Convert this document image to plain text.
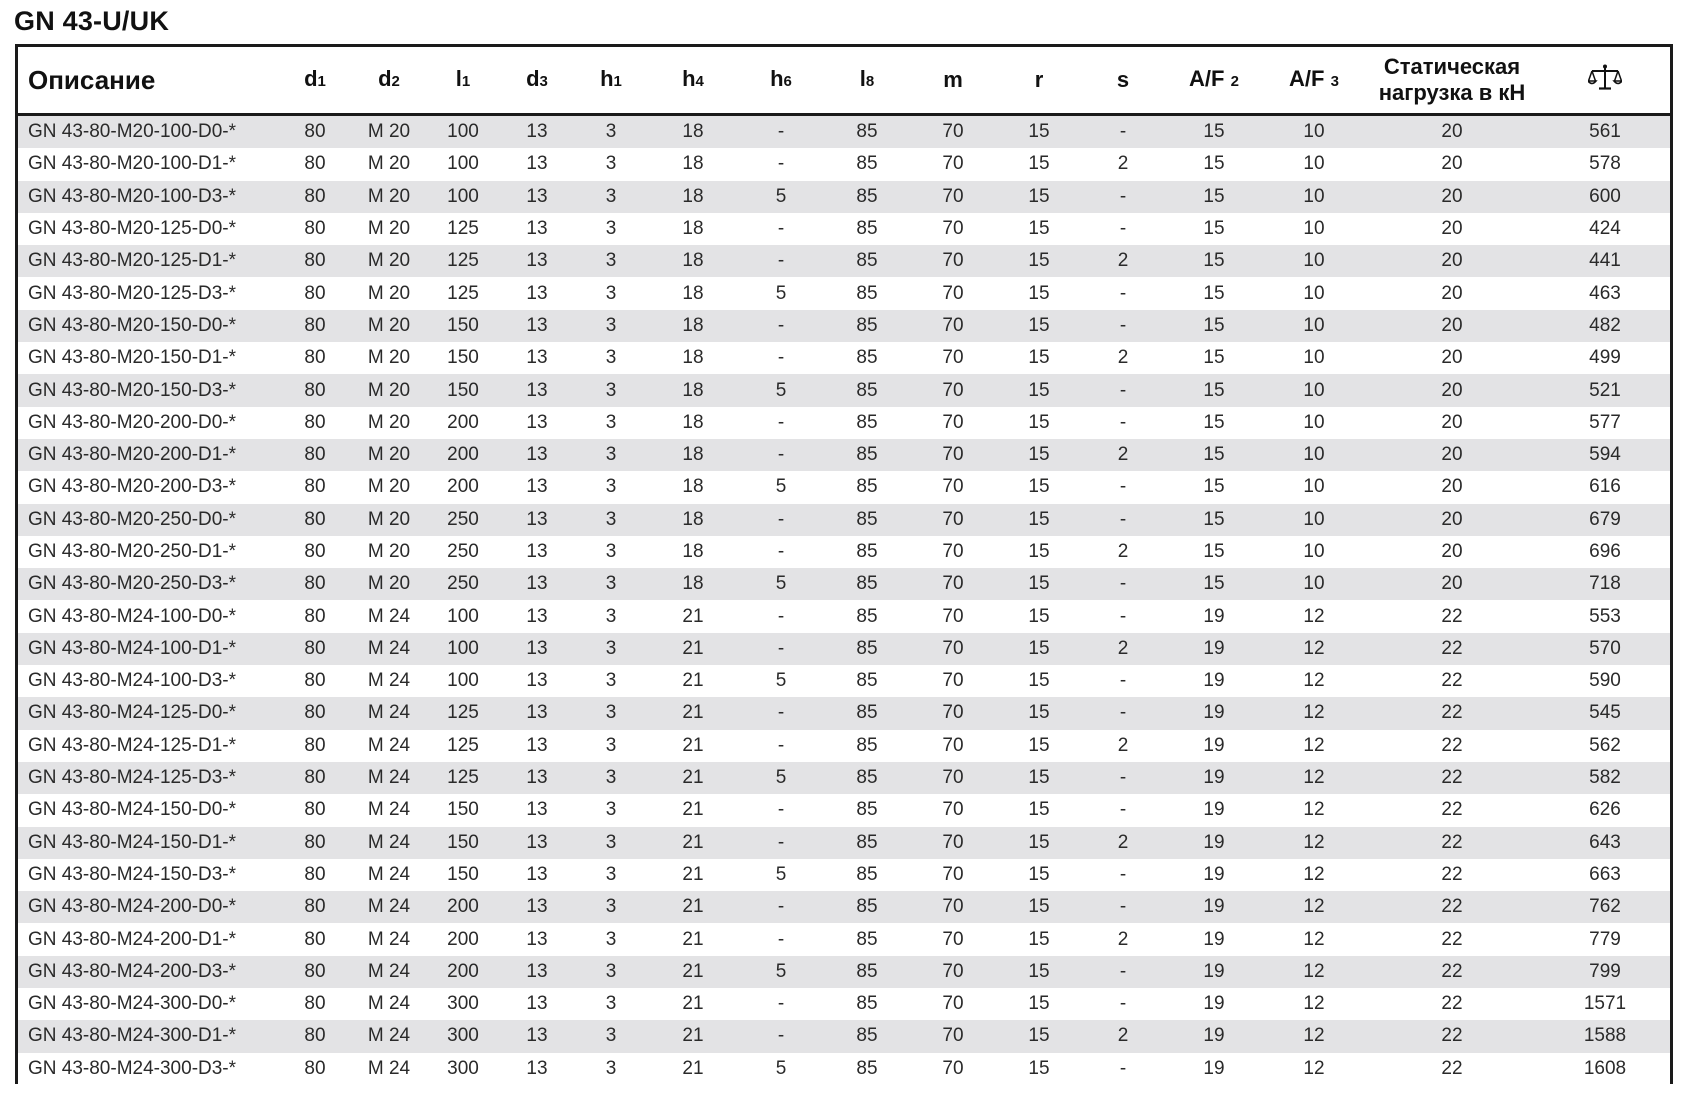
GN 43-U/UK
Описание	d1	d2	l1	d3	h1	h4	h6	l8	m	r	s	A/F 2	A/F 3	Статическая
нагрузка в кН

GN 43-80-M20-100-D0-*	80	M 20	100	13	3	18	-	85	70	15	-	15	10	20	561
GN 43-80-M20-100-D1-*	80	M 20	100	13	3	18	-	85	70	15	2	15	10	20	578
GN 43-80-M20-100-D3-*	80	M 20	100	13	3	18	5	85	70	15	-	15	10	20	600
GN 43-80-M20-125-D0-*	80	M 20	125	13	3	18	-	85	70	15	-	15	10	20	424
GN 43-80-M20-125-D1-*	80	M 20	125	13	3	18	-	85	70	15	2	15	10	20	441
GN 43-80-M20-125-D3-*	80	M 20	125	13	3	18	5	85	70	15	-	15	10	20	463
GN 43-80-M20-150-D0-*	80	M 20	150	13	3	18	-	85	70	15	-	15	10	20	482
GN 43-80-M20-150-D1-*	80	M 20	150	13	3	18	-	85	70	15	2	15	10	20	499
GN 43-80-M20-150-D3-*	80	M 20	150	13	3	18	5	85	70	15	-	15	10	20	521
GN 43-80-M20-200-D0-*	80	M 20	200	13	3	18	-	85	70	15	-	15	10	20	577
GN 43-80-M20-200-D1-*	80	M 20	200	13	3	18	-	85	70	15	2	15	10	20	594
GN 43-80-M20-200-D3-*	80	M 20	200	13	3	18	5	85	70	15	-	15	10	20	616
GN 43-80-M20-250-D0-*	80	M 20	250	13	3	18	-	85	70	15	-	15	10	20	679
GN 43-80-M20-250-D1-*	80	M 20	250	13	3	18	-	85	70	15	2	15	10	20	696
GN 43-80-M20-250-D3-*	80	M 20	250	13	3	18	5	85	70	15	-	15	10	20	718
GN 43-80-M24-100-D0-*	80	M 24	100	13	3	21	-	85	70	15	-	19	12	22	553
GN 43-80-M24-100-D1-*	80	M 24	100	13	3	21	-	85	70	15	2	19	12	22	570
GN 43-80-M24-100-D3-*	80	M 24	100	13	3	21	5	85	70	15	-	19	12	22	590
GN 43-80-M24-125-D0-*	80	M 24	125	13	3	21	-	85	70	15	-	19	12	22	545
GN 43-80-M24-125-D1-*	80	M 24	125	13	3	21	-	85	70	15	2	19	12	22	562
GN 43-80-M24-125-D3-*	80	M 24	125	13	3	21	5	85	70	15	-	19	12	22	582
GN 43-80-M24-150-D0-*	80	M 24	150	13	3	21	-	85	70	15	-	19	12	22	626
GN 43-80-M24-150-D1-*	80	M 24	150	13	3	21	-	85	70	15	2	19	12	22	643
GN 43-80-M24-150-D3-*	80	M 24	150	13	3	21	5	85	70	15	-	19	12	22	663
GN 43-80-M24-200-D0-*	80	M 24	200	13	3	21	-	85	70	15	-	19	12	22	762
GN 43-80-M24-200-D1-*	80	M 24	200	13	3	21	-	85	70	15	2	19	12	22	779
GN 43-80-M24-200-D3-*	80	M 24	200	13	3	21	5	85	70	15	-	19	12	22	799
GN 43-80-M24-300-D0-*	80	M 24	300	13	3	21	-	85	70	15	-	19	12	22	1571
GN 43-80-M24-300-D1-*	80	M 24	300	13	3	21	-	85	70	15	2	19	12	22	1588
GN 43-80-M24-300-D3-*	80	M 24	300	13	3	21	5	85	70	15	-	19	12	22	1608
